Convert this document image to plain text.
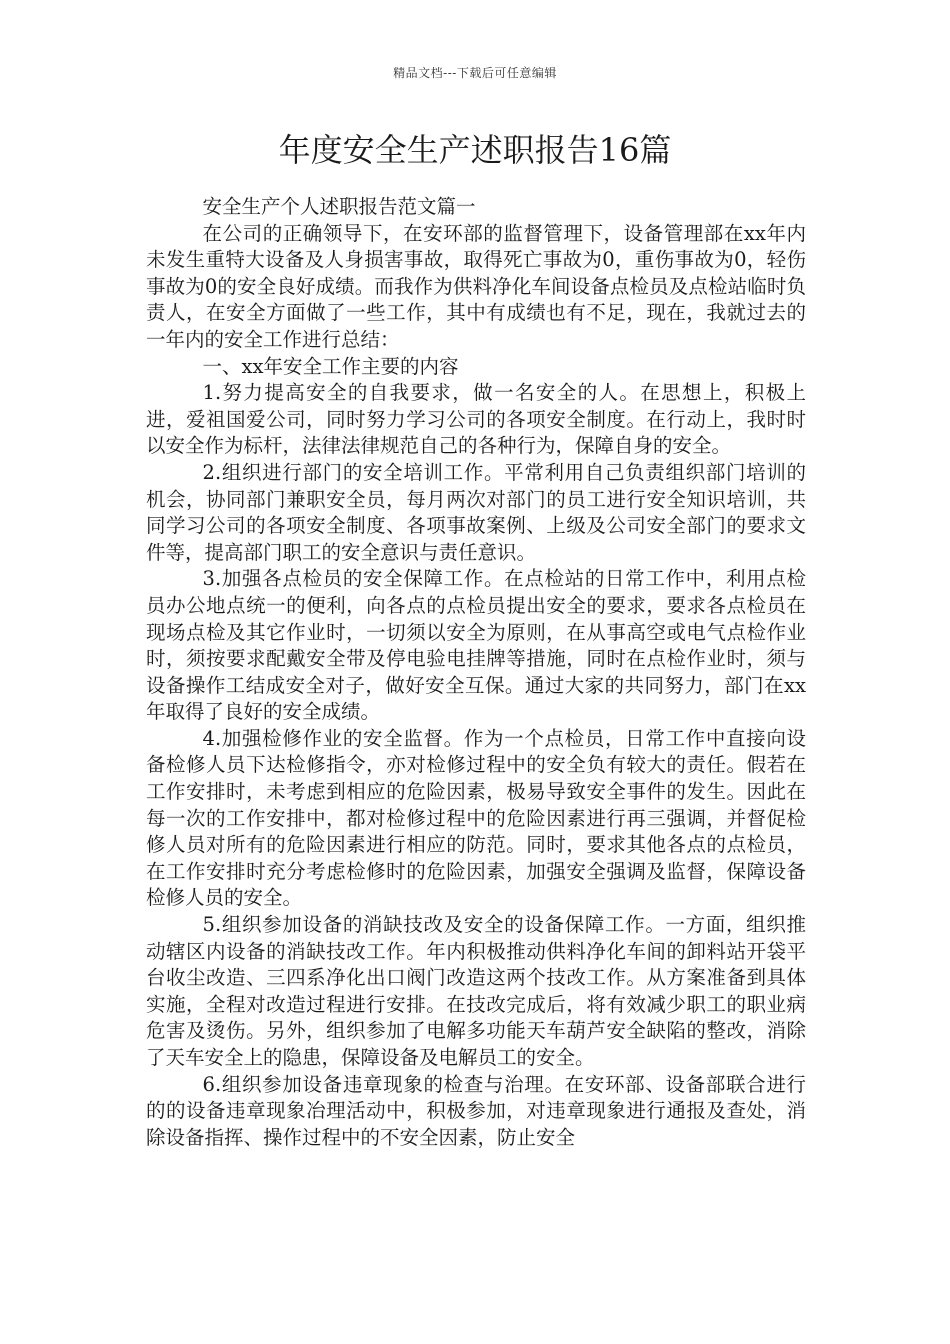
精品文档---下载后可任意编辑
年度安全生产述职报告16篇

安全生产个人述职报告范文篇一

在公司的正确领导下，在安环部的监督管理下，设备管理部在xx年内未发生重特大设备及人身损害事故，取得死亡事故为0，重伤事故为0，轻伤事故为0的安全良好成绩。而我作为供料净化车间设备点检员及点检站临时负责人，在安全方面做了一些工作，其中有成绩也有不足，现在，我就过去的一年内的安全工作进行总结：

一、xx年安全工作主要的内容

1.努力提高安全的自我要求，做一名安全的人。在思想上，积极上进，爱祖国爱公司，同时努力学习公司的各项安全制度。在行动上，我时时以安全作为标杆，法律法律规范自己的各种行为，保障自身的安全。

2.组织进行部门的安全培训工作。平常利用自己负责组织部门培训的机会，协同部门兼职安全员，每月两次对部门的员工进行安全知识培训，共同学习公司的各项安全制度、各项事故案例、上级及公司安全部门的要求文件等，提高部门职工的安全意识与责任意识。

3.加强各点检员的安全保障工作。在点检站的日常工作中，利用点检员办公地点统一的便利，向各点的点检员提出安全的要求，要求各点检员在现场点检及其它作业时，一切须以安全为原则，在从事高空或电气点检作业时，须按要求配戴安全带及停电验电挂牌等措施，同时在点检作业时，须与设备操作工结成安全对子，做好安全互保。通过大家的共同努力，部门在xx年取得了良好的安全成绩。

4.加强检修作业的安全监督。作为一个点检员，日常工作中直接向设备检修人员下达检修指令，亦对检修过程中的安全负有较大的责任。假若在工作安排时，未考虑到相应的危险因素，极易导致安全事件的发生。因此在每一次的工作安排中，都对检修过程中的危险因素进行再三强调，并督促检修人员对所有的危险因素进行相应的防范。同时，要求其他各点的点检员，在工作安排时充分考虑检修时的危险因素，加强安全强调及监督，保障设备检修人员的安全。

5.组织参加设备的消缺技改及安全的设备保障工作。一方面，组织推动辖区内设备的消缺技改工作。年内积极推动供料净化车间的卸料站开袋平台收尘改造、三四系净化出口阀门改造这两个技改工作。从方案准备到具体实施，全程对改造过程进行安排。在技改完成后，将有效减少职工的职业病危害及烫伤。另外，组织参加了电解多功能天车葫芦安全缺陷的整改，消除了天车安全上的隐患，保障设备及电解员工的安全。

6.组织参加设备违章现象的检查与治理。在安环部、设备部联合进行的的设备违章现象冶理活动中，积极参加，对违章现象进行通报及查处，消除设备指挥、操作过程中的不安全因素，防止安全
